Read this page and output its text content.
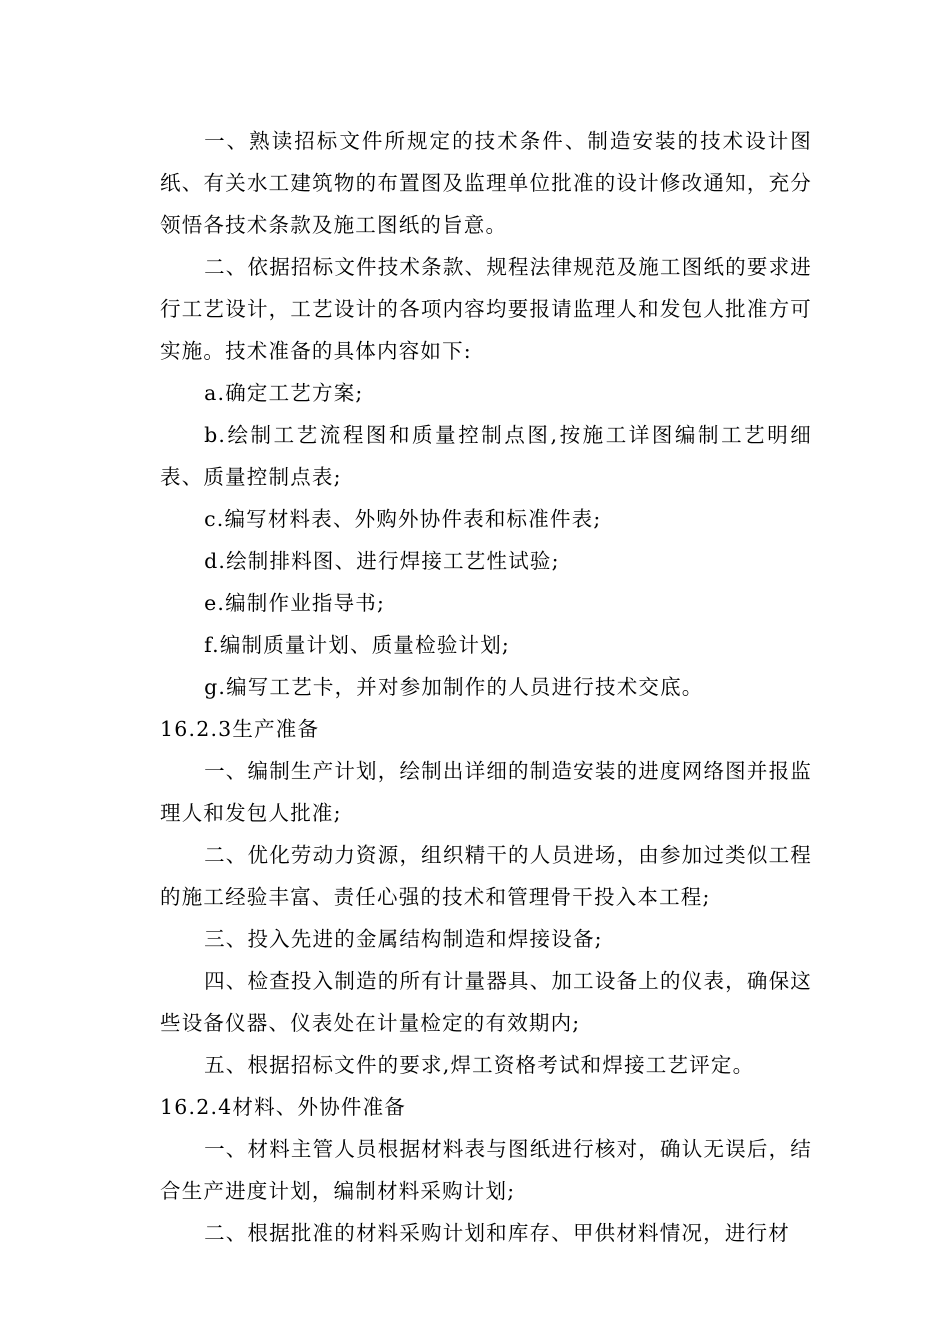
一、熟读招标文件所规定的技术条件、制造安装的技术设计图纸、有关水工建筑物的布置图及监理单位批准的设计修改通知，充分领悟各技术条款及施工图纸的旨意。

二、依据招标文件技术条款、规程法律规范及施工图纸的要求进行工艺设计，工艺设计的各项内容均要报请监理人和发包人批准方可实施。技术准备的具体内容如下:

a.确定工艺方案;

b.绘制工艺流程图和质量控制点图,按施工详图编制工艺明细表、质量控制点表;

c.编写材料表、外购外协件表和标准件表;

d.绘制排料图、进行焊接工艺性试验;

e.编制作业指导书;

f.编制质量计划、质量检验计划;

g.编写工艺卡，并对参加制作的人员进行技术交底。

16.2.3生产准备

一、编制生产计划，绘制出详细的制造安装的进度网络图并报监理人和发包人批准;

二、优化劳动力资源，组织精干的人员进场，由参加过类似工程的施工经验丰富、责任心强的技术和管理骨干投入本工程;

三、投入先进的金属结构制造和焊接设备;

四、检查投入制造的所有计量器具、加工设备上的仪表，确保这些设备仪器、仪表处在计量检定的有效期内;

五、根据招标文件的要求,焊工资格考试和焊接工艺评定。

16.2.4材料、外协件准备

一、材料主管人员根据材料表与图纸进行核对，确认无误后，结合生产进度计划，编制材料采购计划;

二、根据批准的材料采购计划和库存、甲供材料情况，进行材
